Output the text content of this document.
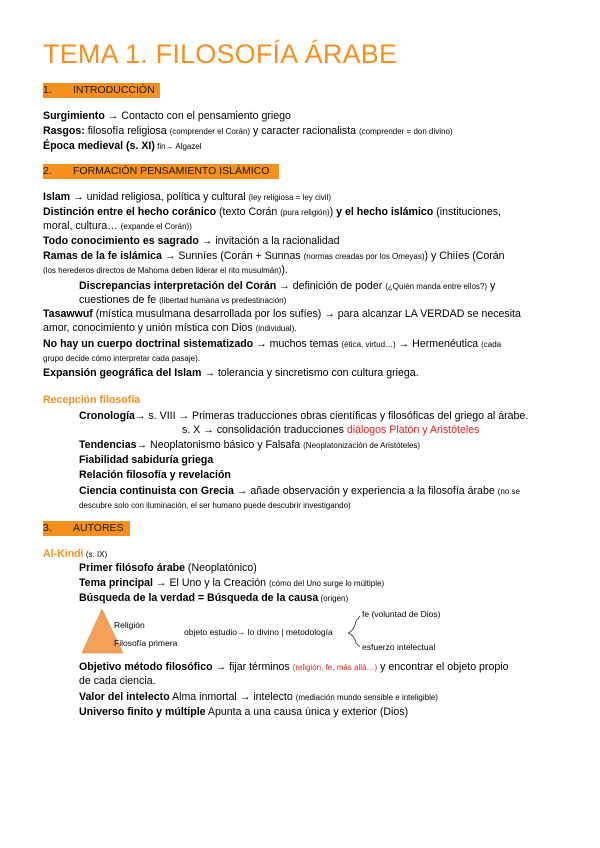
TEMA 1. FILOSOFÍA ÁRABE
1. INTRODUCCIÓN
Surgimiento → Contacto con el pensamiento griego
Rasgos: filosofía religiosa (comprender el Corán) y caracter racionalista (comprender = don divino)
Época medieval (s. XI) fin→ Algazel
2. FORMACIÓN PENSAMIENTO ISLÁMICO
Islam → unidad religiosa, política y cultural (ley religiosa = ley civil)
Distinción entre el hecho coránico (texto Corán (pura religión)) y el hecho islámico (instituciones,
moral, cultura… (expande el Corán))
Todo conocimiento es sagrado → invitación a la racionalidad
Ramas de la fe islámica → Sunníes (Corán + Sunnas (normas creadas por los Omeyas)) y Chiíes (Corán
(los herederos directos de Mahoma deben liderar el rito musulmán)).
Discrepancias interpretación del Corán → definición de poder (¿Quién manda entre ellos?) y
cuestiones de fe (libertad humana vs predestinación)
Tasawwuf (mística musulmana desarrollada por los sufíes) → para alcanzar LA VERDAD se necesita
amor, conocimiento y unión mística con Dios (individual).
No hay un cuerpo doctrinal sistematizado → muchos temas (ética, virtud…) → Hermenéutica (cada
grupo decide cómo interpretar cada pasaje).
Expansión geográfica del Islam → tolerancia y sincretismo con cultura griega.
Recepción filosofía
Cronología→ s. VIII → Primeras traducciones obras científicas y filosóficas del griego al árabe.
s. X → consolidación traducciones diálogos Platón y Aristóteles
Tendencias→ Neoplatonismo básico y Falsafa (Neoplatonización de Aristóteles)
Fiabilidad sabiduría griega
Relación filosofía y revelación
Ciencia continuista con Grecia → añade observación y experiencia a la filosofía árabe (no se
descubre solo con iluminación, el ser humano puede descubrir investigando)
3. AUTORES
Al-Kindi (s. IX)
Primer filósofo árabe (Neoplatónico)
Tema principal → El Uno y la Creación (cómo del Uno surge lo múltiple)
Búsqueda de la verdad = Búsqueda de la causa (origen)
Religión
Filosofía primera
objeto estudio→ lo divino | metodología
fe (voluntad de Dios)
esfuerzo intelectual
Objetivo método filosófico → fijar términos (religión, fe, más allá…) y encontrar el objeto propio
de cada ciencia.
Valor del intelecto Alma inmortal → intelecto (mediación mundo sensible e inteligible)
Universo finito y múltiple Apunta a una causa única y exterior (Dios)
